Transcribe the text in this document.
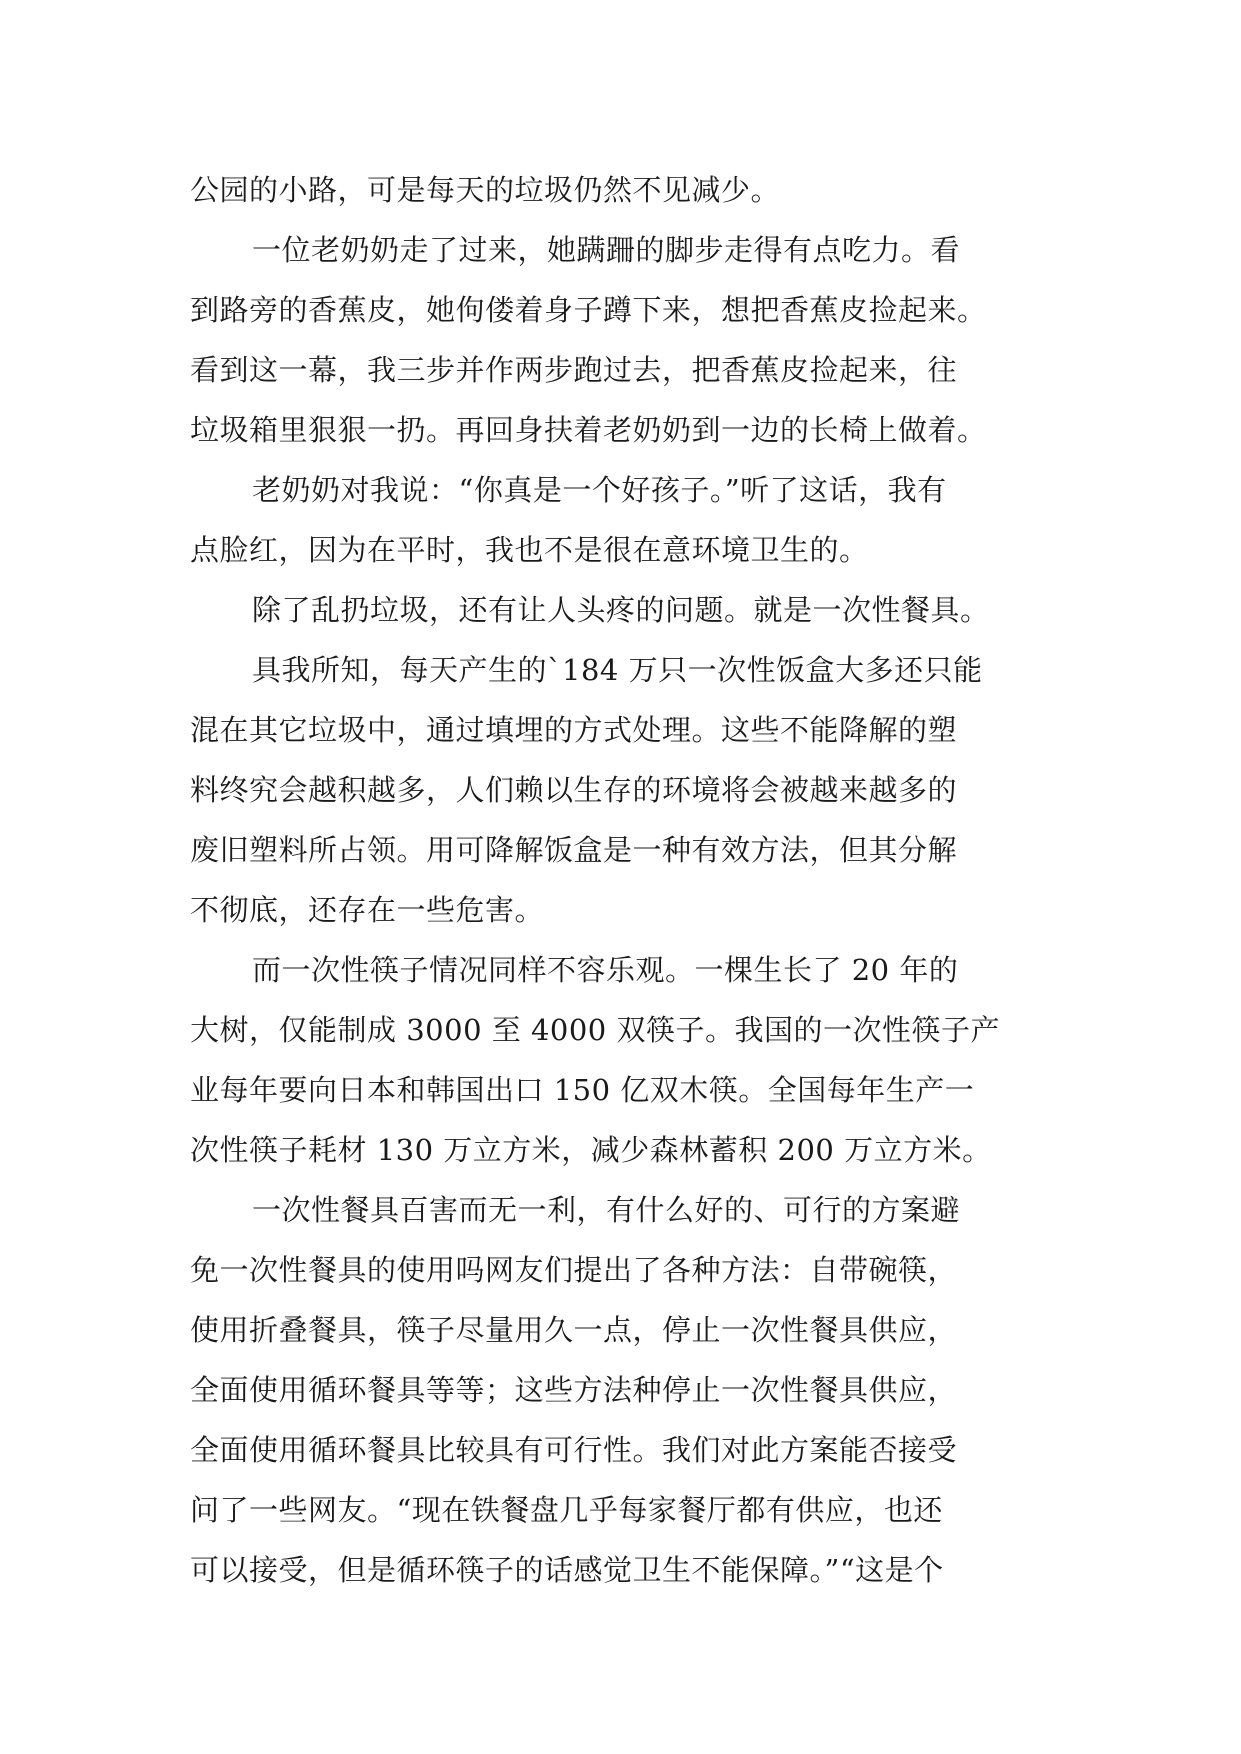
公园的小路，可是每天的垃圾仍然不见减少。
一位老奶奶走了过来，她蹒跚的脚步走得有点吃力。看
到路旁的香蕉皮，她佝偻着身子蹲下来，想把香蕉皮捡起来。
看到这一幕，我三步并作两步跑过去，把香蕉皮捡起来，往
垃圾箱里狠狠一扔。再回身扶着老奶奶到一边的长椅上做着。
老奶奶对我说：“你真是一个好孩子。”听了这话，我有
点脸红，因为在平时，我也不是很在意环境卫生的。
除了乱扔垃圾，还有让人头疼的问题。就是一次性餐具。
具我所知，每天产生的`184 万只一次性饭盒大多还只能
混在其它垃圾中，通过填埋的方式处理。这些不能降解的塑
料终究会越积越多，人们赖以生存的环境将会被越来越多的
废旧塑料所占领。用可降解饭盒是一种有效方法，但其分解
不彻底，还存在一些危害。
而一次性筷子情况同样不容乐观。一棵生长了 20 年的
大树，仅能制成 3000 至 4000 双筷子。我国的一次性筷子产
业每年要向日本和韩国出口 150 亿双木筷。全国每年生产一
次性筷子耗材 130 万立方米，减少森林蓄积 200 万立方米。
一次性餐具百害而无一利，有什么好的、可行的方案避
免一次性餐具的使用吗网友们提出了各种方法：自带碗筷，
使用折叠餐具，筷子尽量用久一点，停止一次性餐具供应，
全面使用循环餐具等等；这些方法种停止一次性餐具供应，
全面使用循环餐具比较具有可行性。我们对此方案能否接受
问了一些网友。“现在铁餐盘几乎每家餐厅都有供应，也还
可以接受，但是循环筷子的话感觉卫生不能保障。”“这是个
